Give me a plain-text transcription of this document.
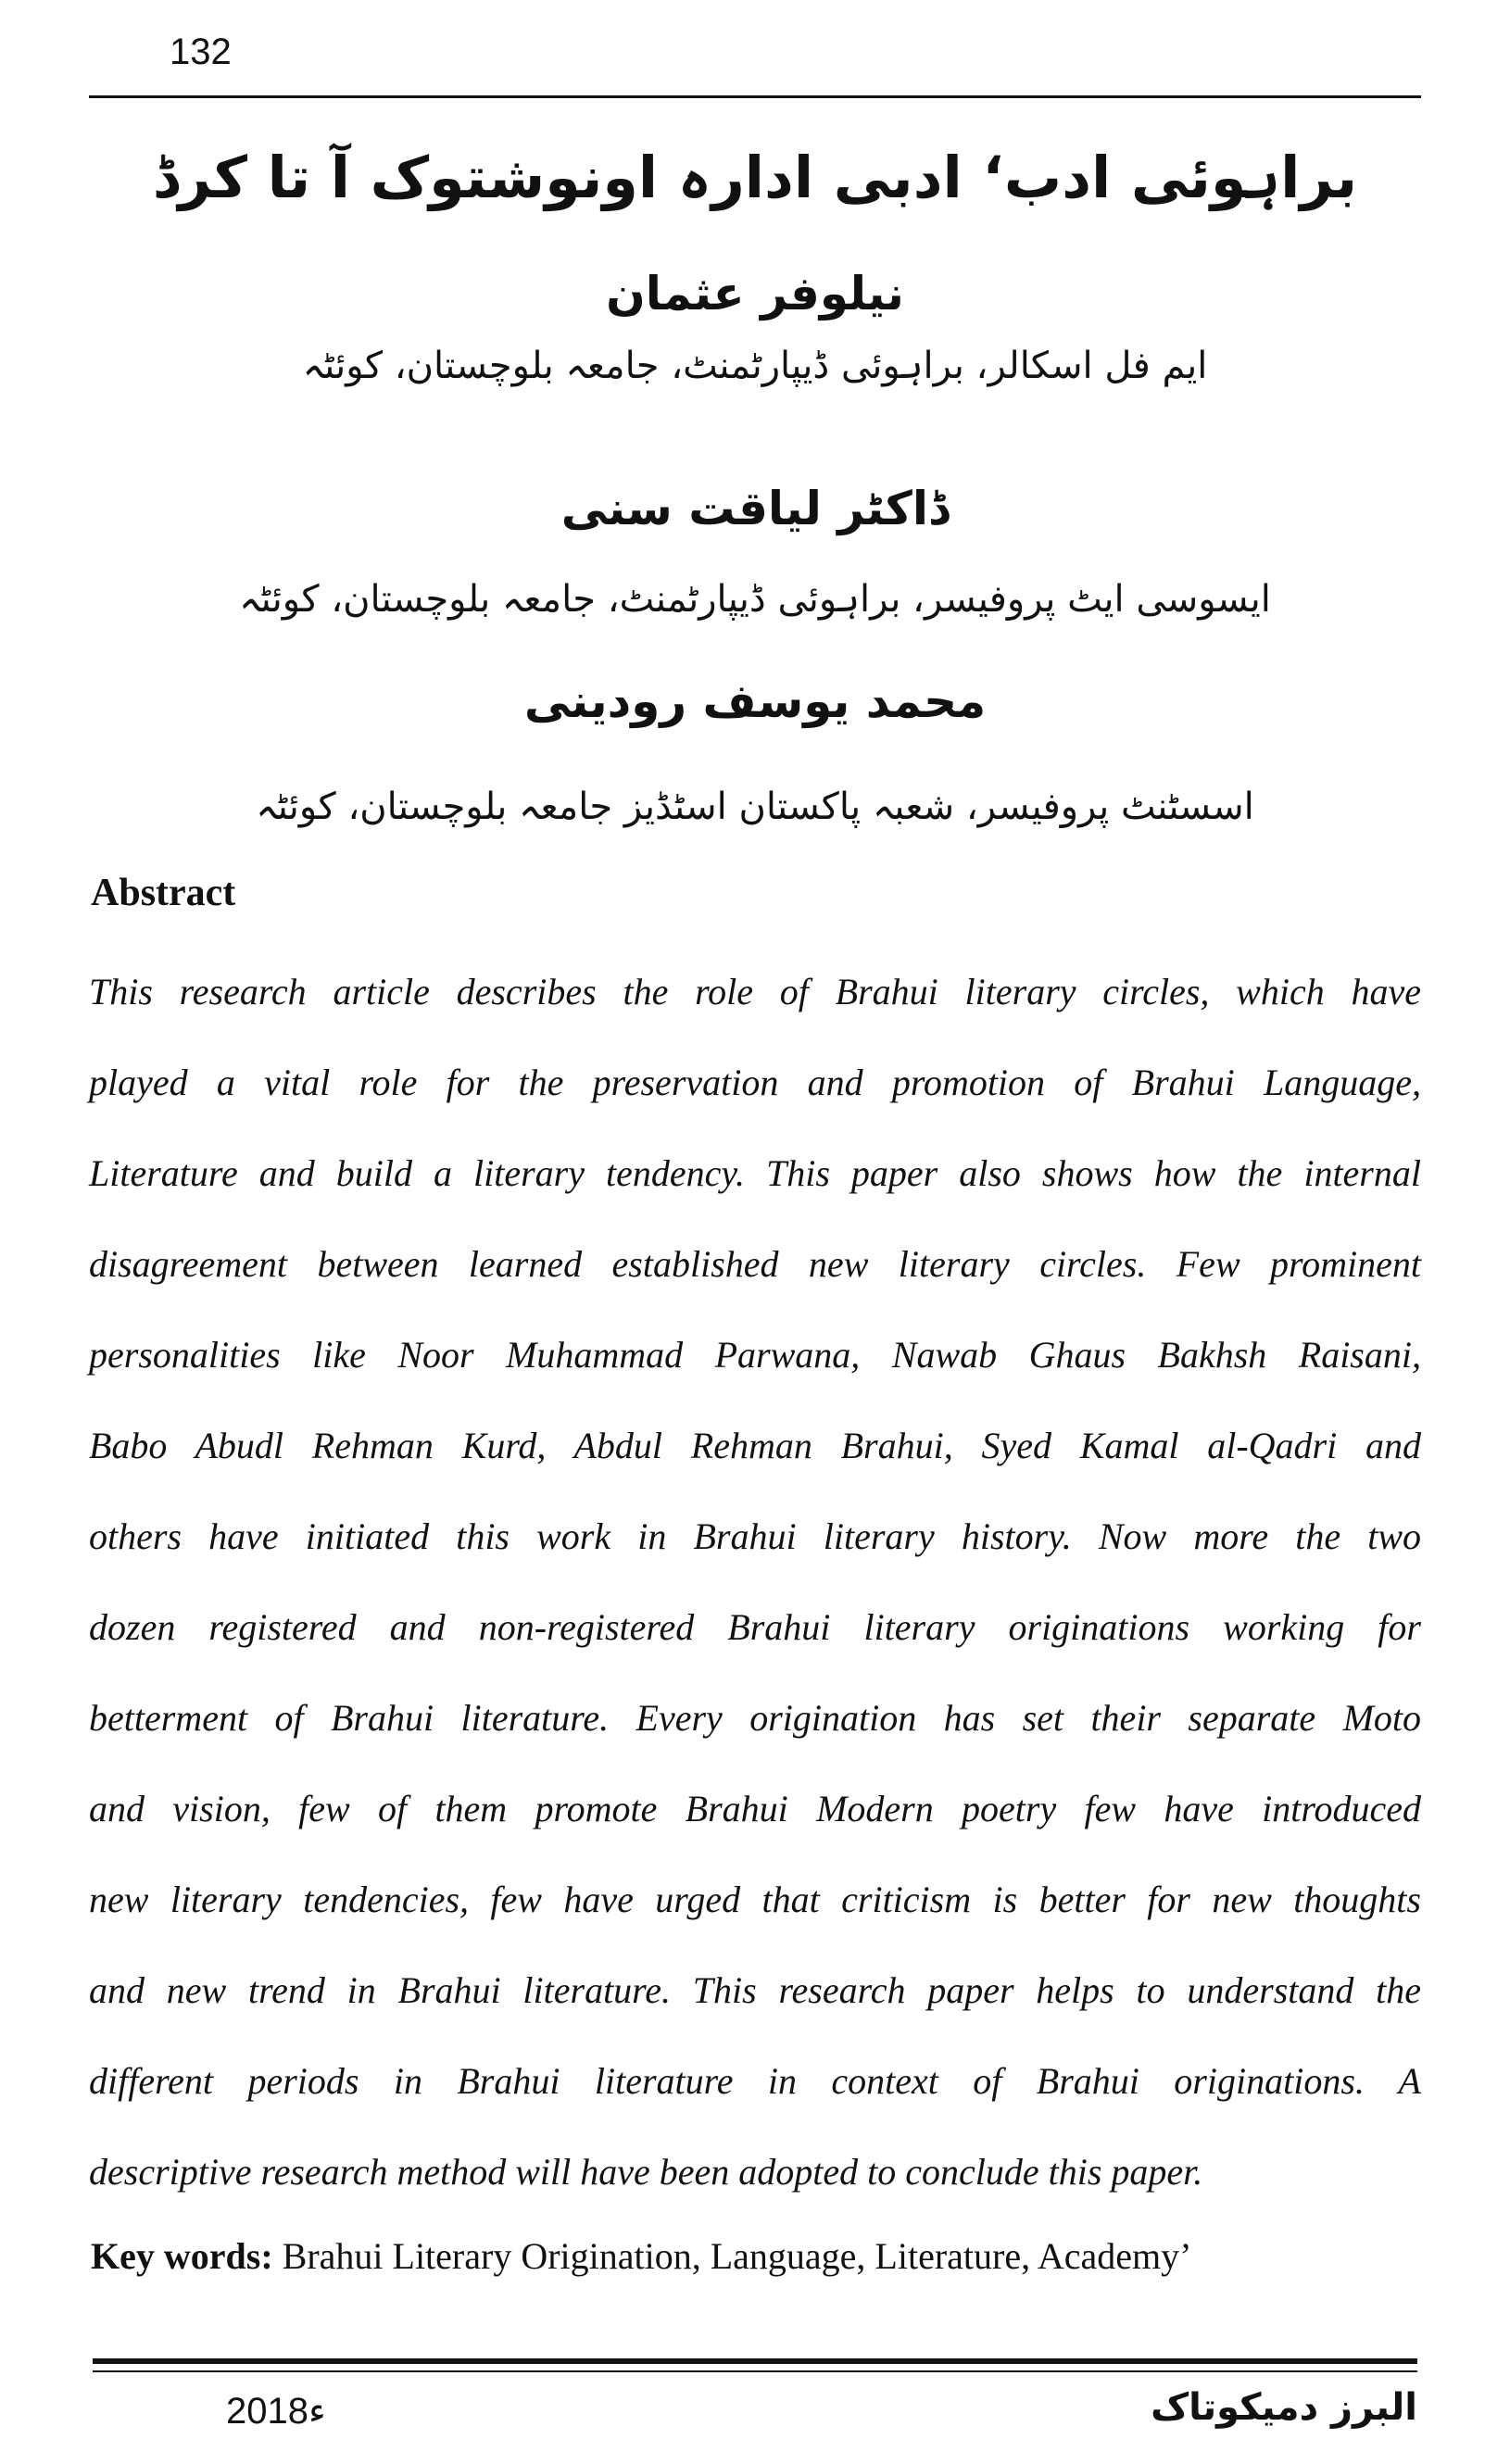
132
براہوئی ادب‘ ادبی ادارہ اونوشتوک آ تا کرڈ
نیلوفر عثمان
ایم فل اسکالر، براہوئی ڈیپارٹمنٹ، جامعہ بلوچستان، کوئٹہ
ڈاکٹر لیاقت سنی
ایسوسی ایٹ پروفیسر، براہوئی ڈیپارٹمنٹ، جامعہ بلوچستان، کوئٹہ
محمد یوسف رودینی
اسسٹنٹ پروفیسر، شعبہ پاکستان اسٹڈیز جامعہ بلوچستان، کوئٹہ
Abstract
This research article describes the role of Brahui literary circles, which have
played a vital role for the preservation and promotion of Brahui Language,
Literature and build a literary tendency. This paper also shows how the internal
disagreement between learned established new literary circles. Few prominent
personalities like Noor Muhammad Parwana, Nawab Ghaus Bakhsh Raisani,
Babo Abudl Rehman Kurd, Abdul Rehman Brahui, Syed Kamal al-Qadri and
others have initiated this work in Brahui literary history. Now more the two
dozen registered and non-registered Brahui literary originations working for
betterment of Brahui literature. Every origination has set their separate Moto
and vision, few of them promote Brahui Modern poetry few have introduced
new literary tendencies, few have urged that criticism is better for new thoughts
and new trend in Brahui literature. This research paper helps to understand the
different periods in Brahui literature in context of Brahui originations. A
descriptive research method will have been adopted to conclude this paper.
Key words: Brahui Literary Origination, Language, Literature, Academy’
2018ء	البرز دمیکوتاک
